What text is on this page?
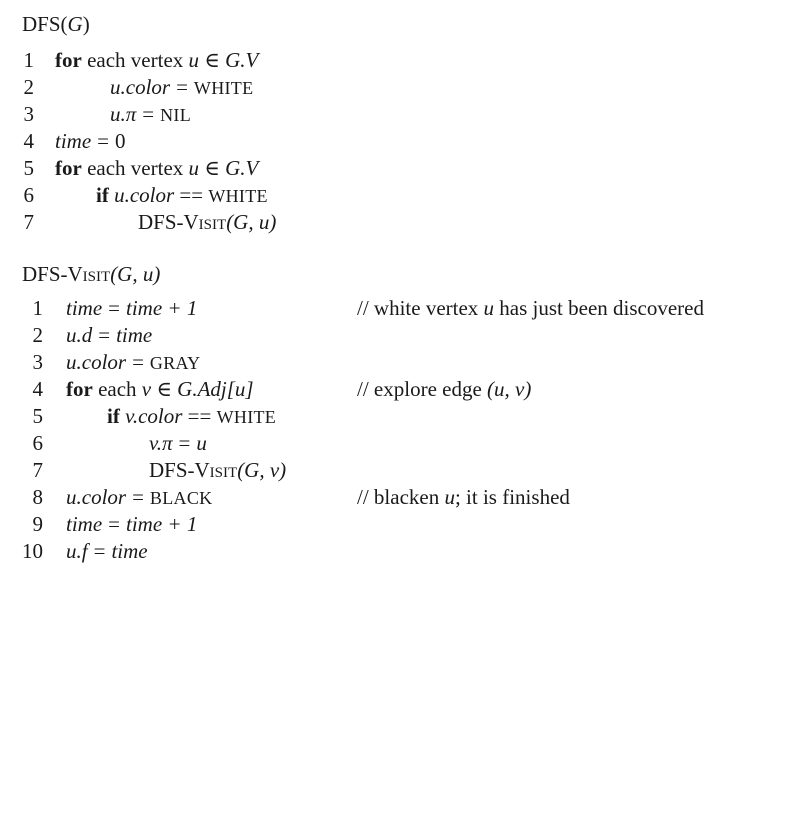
DFS(G)
1 for each vertex u ∈ G.V
2	u.color = WHITE
3	u.π = NIL
4 time = 0
5 for each vertex u ∈ G.V
6	if u.color == WHITE
7	DFS-Visit(G, u)
DFS-Visit(G, u)
1 time = time + 1	// white vertex u has just been discovered
2 u.d = time
3 u.color = GRAY
4 for each v ∈ G.Adj[u]	// explore edge (u, v)
5	if v.color == WHITE
6	v.π = u
7	DFS-Visit(G, v)
8 u.color = BLACK	// blacken u; it is finished
9 time = time + 1
10 u.f = time
